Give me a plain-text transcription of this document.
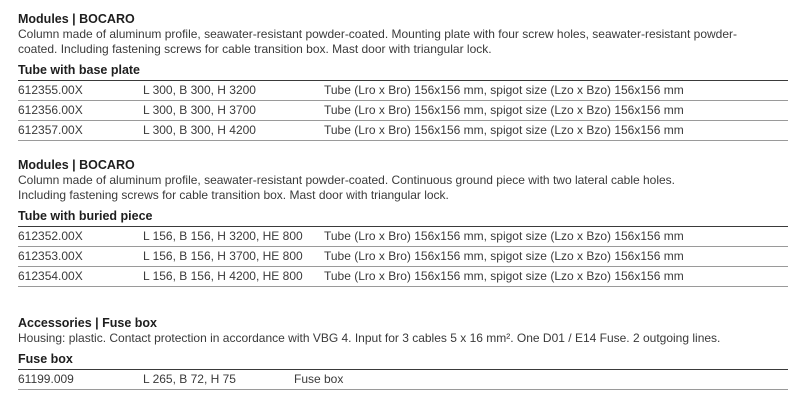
Modules | BOCARO

Column made of aluminum profile, seawater-resistant powder-coated. Mounting plate with four screw holes, seawater-resistant powder-

coated. Including fastening screws for cable transition box. Mast door with triangular lock.

Tube with base plate
612355.00X	L 300, B 300, H 3200	Tube (Lro x Bro) 156x156 mm, spigot size (Lzo x Bzo) 156x156 mm
612356.00X	L 300, B 300, H 3700	Tube (Lro x Bro) 156x156 mm, spigot size (Lzo x Bzo) 156x156 mm
612357.00X	L 300, B 300, H 4200	Tube (Lro x Bro) 156x156 mm, spigot size (Lzo x Bzo) 156x156 mm

Modules | BOCARO

Column made of aluminum profile, seawater-resistant powder-coated. Continuous ground piece with two lateral cable holes.

Including fastening screws for cable transition box. Mast door with triangular lock.

Tube with buried piece
612352.00X	L 156, B 156, H 3200, HE 800 Tube (Lro x Bro) 156x156 mm, spigot size (Lzo x Bzo) 156x156 mm
612353.00X	L 156, B 156, H 3700, HE 800 Tube (Lro x Bro) 156x156 mm, spigot size (Lzo x Bzo) 156x156 mm
612354.00X	L 156, B 156, H 4200, HE 800 Tube (Lro x Bro) 156x156 mm, spigot size (Lzo x Bzo) 156x156 mm

Accessories | Fuse box

Housing: plastic. Contact protection in accordance with VBG 4. Input for 3 cables 5 x 16 mm². One D01 / E14 Fuse. 2 outgoing lines.

Fuse box
61199.009	L 265, B 72, H 75	Fuse box
